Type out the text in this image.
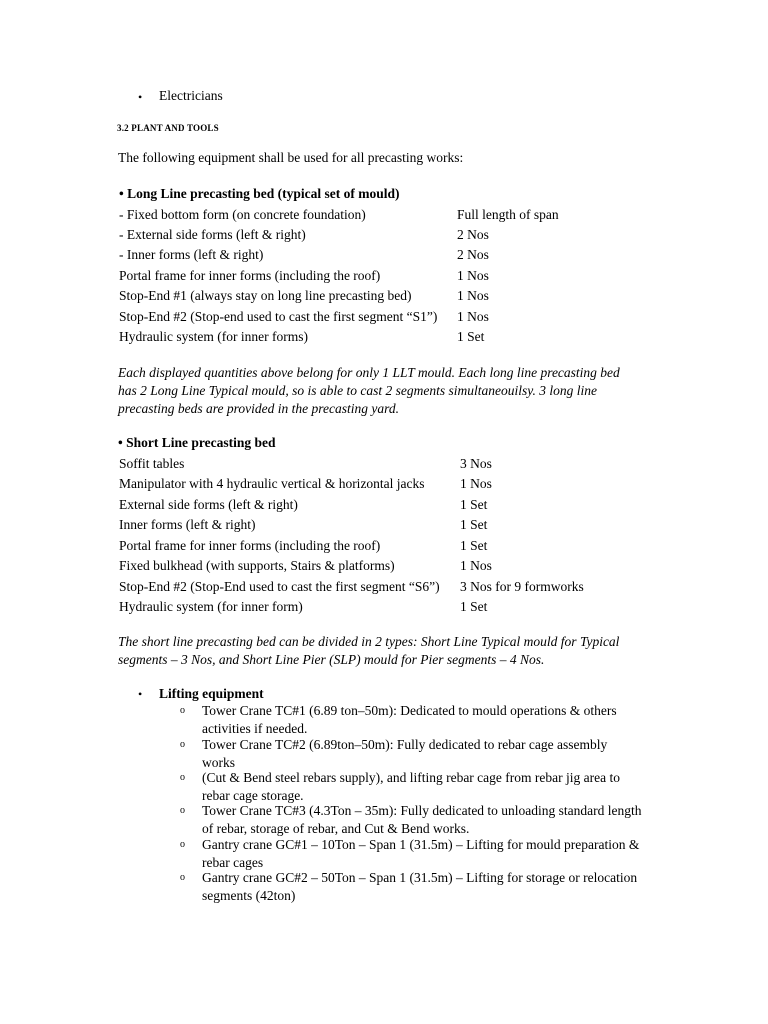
• Electricians
3.2 PLANT AND TOOLS
The following equipment shall be used for all precasting works:
• Long Line precasting bed (typical set of mould)
- Fixed bottom form (on concrete foundation)	Full length of span
- External side forms (left & right)	2 Nos
- Inner forms (left & right)	2 Nos
Portal frame for inner forms (including the roof)	1 Nos
Stop-End #1 (always stay on long line precasting bed)	1 Nos
Stop-End #2 (Stop-end used to cast the first segment “S1”) 1 Nos
Hydraulic system (for inner forms)	1 Set
Each displayed quantities above belong for only 1 LLT mould. Each long line precasting bed
has 2 Long Line Typical mould, so is able to cast 2 segments simultaneouilsy. 3 long line
precasting beds are provided in the precasting yard.
• Short Line precasting bed
Soffit tables	3 Nos
Manipulator with 4 hydraulic vertical & horizontal jacks	1 Nos
External side forms (left & right)	1 Set
Inner forms (left & right)	1 Set
Portal frame for inner forms (including the roof)	1 Set
Fixed bulkhead (with supports, Stairs & platforms)	1 Nos
Stop-End #2 (Stop-End used to cast the first segment “S6”) 3 Nos for 9 formworks
Hydraulic system (for inner form)	1 Set
The short line precasting bed can be divided in 2 types: Short Line Typical mould for Typical
segments – 3 Nos, and Short Line Pier (SLP) mould for Pier segments – 4 Nos.
• Lifting equipment
o Tower Crane TC#1 (6.89 ton–50m): Dedicated to mould operations & others activities if needed.
o Tower Crane TC#2 (6.89ton–50m): Fully dedicated to rebar cage assembly works
o (Cut & Bend steel rebars supply), and lifting rebar cage from rebar jig area to rebar cage storage.
o Tower Crane TC#3 (4.3Ton – 35m): Fully dedicated to unloading standard length of rebar, storage of rebar, and Cut & Bend works.
o Gantry crane GC#1 – 10Ton – Span 1 (31.5m) – Lifting for mould preparation & rebar cages
o Gantry crane GC#2 – 50Ton – Span 1 (31.5m) – Lifting for storage or relocation segments (42ton)
